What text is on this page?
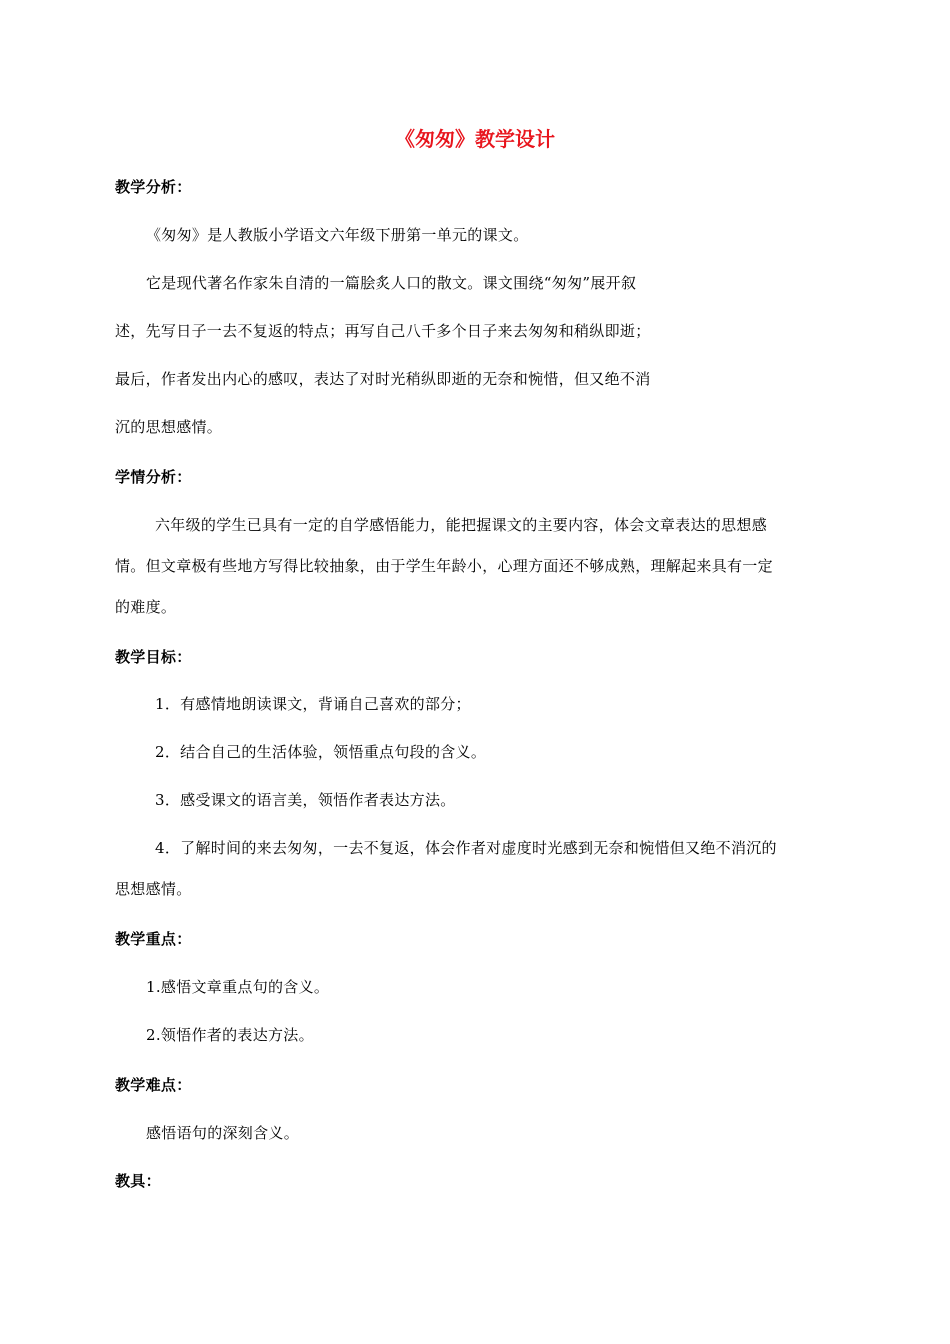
《匆匆》教学设计
教学分析：
《匆匆》是人教版小学语文六年级下册第一单元的课文。
它是现代著名作家朱自清的一篇脍炙人口的散文。课文围绕“匆匆”展开叙
述，先写日子一去不复返的特点；再写自己八千多个日子来去匆匆和稍纵即逝；
最后，作者发出内心的感叹，表达了对时光稍纵即逝的无奈和惋惜，但又绝不消
沉的思想感情。
学情分析：
六年级的学生已具有一定的自学感悟能力，能把握课文的主要内容，体会文章表达的思想感
情。但文章极有些地方写得比较抽象，由于学生年龄小，心理方面还不够成熟，理解起来具有一定
的难度。
教学目标：
1．有感情地朗读课文，背诵自己喜欢的部分；
2．结合自己的生活体验，领悟重点句段的含义。
3．感受课文的语言美，领悟作者表达方法。
4．了解时间的来去匆匆，一去不复返，体会作者对虚度时光感到无奈和惋惜但又绝不消沉的
思想感情。
教学重点：
1.感悟文章重点句的含义。
2.领悟作者的表达方法。
教学难点：
感悟语句的深刻含义。
教具：
